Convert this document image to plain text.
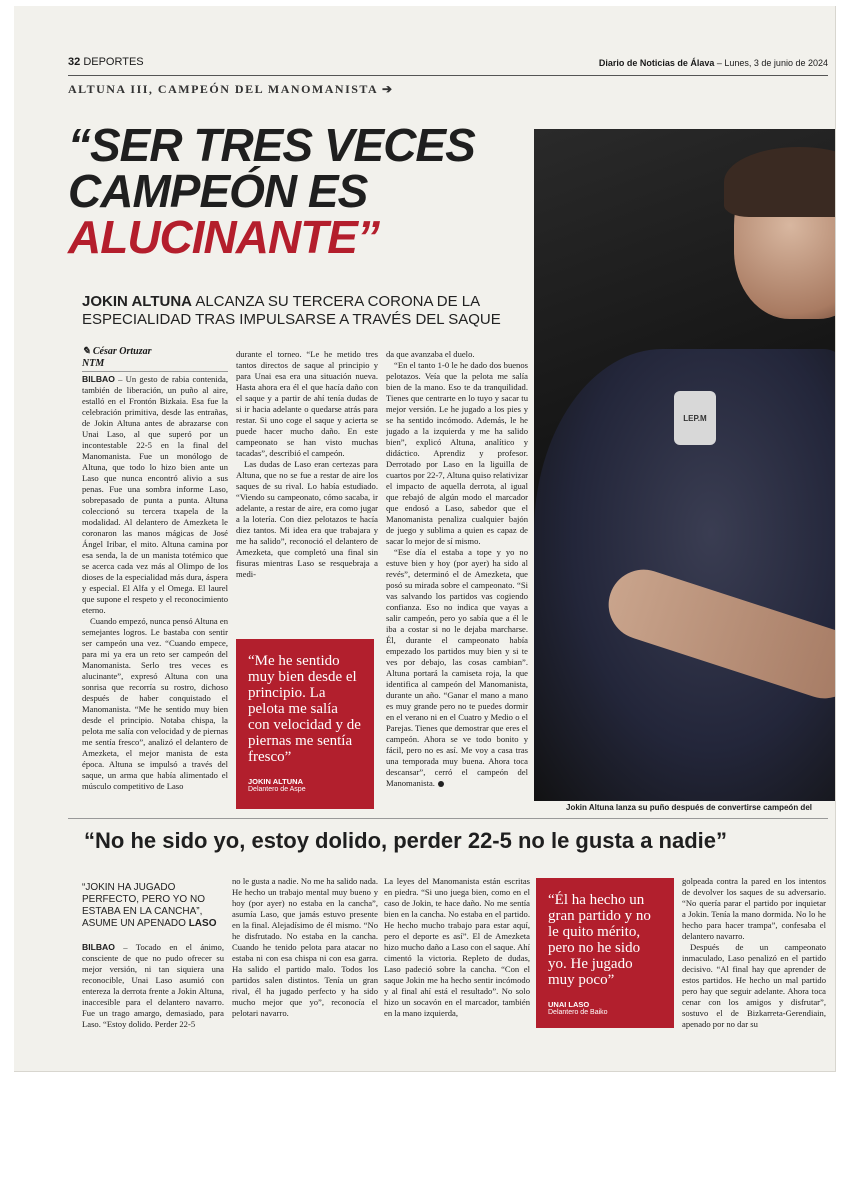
32 DEPORTES	Diario de Noticias de Álava – Lunes, 3 de junio de 2024
ALTUNA III, CAMPEÓN DEL MANOMANISTA ➔
“SER TRES VECES
CAMPEÓN ES
ALUCINANTE”
JOKIN ALTUNA ALCANZA SU TERCERA CORONA DE LA ESPECIALIDAD TRAS IMPULSARSE A TRAVÉS DEL SAQUE
LEP.M
Jokin Altuna lanza su puño después de convertirse campeón del
✎ César Ortuzar
NTM

BILBAO – Un gesto de rabia contenida, también de liberación, un puño al aire, estalló en el Frontón Bizkaia. Esa fue la celebración primitiva, desde las entrañas, de Jokin Altuna antes de abrazarse con Unai Laso, al que superó por un incontestable 22-5 en la final del Manomanista. Fue un monólogo de Altuna, que todo lo hizo bien ante un Laso que nunca encontró alivio a sus penas. Fue una sombra informe Laso, sobrepasado de punta a punta. Altuna coleccionó su tercera txapela de la modalidad. Al delantero de Amezketa le coronaron las manos mágicas de José Ángel Iribar, el mito. Altuna camina por esa senda, la de un manista totémico que se acerca cada vez más al Olimpo de los dioses de la especialidad más dura, áspera y especial. El Alfa y el Omega. El laurel que supone el respeto y el reconocimiento eterno.

Cuando empezó, nunca pensó Altuna en semejantes logros. Le bastaba con sentir ser campeón una vez. “Cuando empece, para mi ya era un reto ser campeón del Manomanista. Serlo tres veces es alucinante”, expresó Altuna con una sonrisa que recorría su rostro, dichoso después de haber conquistado el Manomanista. “Me he sentido muy bien desde el principio. Notaba chispa, la pelota me salía con velocidad y de piernas me sentía fresco”, analizó el delantero de Amezketa, el mejor manista de esta época. Altuna se impulsó a través del saque, un arma que había alimentado el músculo competitivo de Laso

durante el torneo. “Le he metido tres tantos directos de saque al principio y para Unai esa era una situación nueva. Hasta ahora era él el que hacía daño con el saque y a partir de ahí tenía dudas de si ir hacia adelante o quedarse atrás para restar. Si uno coge el saque y acierta se puede hacer mucho daño. En este campeonato se han visto muchas tacadas”, describió el campeón.

Las dudas de Laso eran certezas para Altuna, que no se fue a restar de aire los saques de su rival. Lo había estudiado. “Viendo su campeonato, cómo sacaba, ir adelante, a restar de aire, era como jugar a la lotería. Con diez pelotazos te hacía diez tantos. Mi idea era que trabajara y me ha salido”, reconoció el delantero de Amezketa, que completó una final sin fisuras mientras Laso se resquebraja a medi-

“Me he sentido muy bien desde el principio. La pelota me salía con velocidad y de piernas me sentía fresco”
JOKIN ALTUNA
Delantero de Aspe

da que avanzaba el duelo.

“En el tanto 1-0 le he dado dos buenos pelotazos. Veía que la pelota me salía bien de la mano. Eso te da tranquilidad. Tienes que centrarte en lo tuyo y sacar tu mejor versión. Le he jugado a los pies y se ha sentido incómodo. Además, le he jugado a la izquierda y me ha salido bien”, explicó Altuna, analítico y didáctico. Aprendiz y profesor. Derrotado por Laso en la liguilla de cuartos por 22-7, Altuna quiso relativizar el impacto de aquella derrota, al igual que rebajó de algún modo el marcador que endosó a Laso, sabedor que el Manomanista penaliza cualquier bajón de juego y sublima a quien es capaz de sacar lo mejor de sí mismo.

“Ese día el estaba a tope y yo no estuve bien y hoy (por ayer) ha sido al revés”, determinó el de Amezketa, que posó su mirada sobre el campeonato. “Si vas salvando los partidos vas cogiendo confianza. Eso no indica que vayas a salir campeón, pero yo sabía que a él le iba a costar si no le dejaba marcharse. Él, durante el campeonato había empezado los partidos muy bien y si te ves por debajo, las cosas cambian”. Altuna portará la camiseta roja, la que identifica al campeón del Manomanista, durante un año. “Ganar el mano a mano es muy grande pero no te puedes dormir en el verano ni en el Cuatro y Medio o el Parejas. Tienes que demostrar que eres el campeón. Ahora se ve todo bonito y fácil, pero no es así. Me voy a casa tras una temporada muy buena. Ahora toca descansar”, cerró el campeón del Manomanista.

“No he sido yo, estoy dolido, perder 22-5 no le gusta a nadie”
“JOKIN HA JUGADO PERFECTO, PERO YO NO ESTABA EN LA CANCHA”, ASUME UN APENADO LASO

BILBAO – Tocado en el ánimo, consciente de que no pudo ofrecer su mejor versión, ni tan siquiera una reconocible, Unai Laso asumió con entereza la derrota frente a Jokin Altuna, inaccesible para el delantero navarro. Fue un trago amargo, demasiado, para Laso. “Estoy dolido. Perder 22-5

no le gusta a nadie. No me ha salido nada. He hecho un trabajo mental muy bueno y hoy (por ayer) no estaba en la cancha”, asumía Laso, que jamás estuvo presente en la final. Alejadísimo de él mismo. “No he disfrutado. No estaba en la cancha. Cuando he tenido pelota para atacar no estaba ni con esa chispa ni con esa garra. Ha salido el partido malo. Todos los partidos salen distintos. Tenía un gran rival, él ha jugado perfecto y ha sido mucho mejor que yo”, reconocía el pelotari navarro.

La leyes del Manomanista están escritas en piedra. “Si uno juega bien, como en el caso de Jokin, te hace daño. No me sentía bien en la cancha. No estaba en el partido. He hecho mucho trabajo para estar aquí, pero el deporte es así”. El de Amezketa hizo mucho daño a Laso con el saque. Ahí cimentó la victoria. Repleto de dudas, Laso padeció sobre la cancha. “Con el saque Jokin me ha hecho sentir incómodo y al final ahí está el resultado”. No solo hizo un socavón en el marcador, también en la mano izquierda,

“Él ha hecho un gran partido y no le quito mérito, pero no he sido yo. He jugado muy poco”
UNAI LASO
Delantero de Baiko

golpeada contra la pared en los intentos de devolver los saques de su adversario. “No quería parar el partido por inquietar a Jokin. Tenía la mano dormida. No lo he hecho para hacer trampa”, confesaba el delantero navarro.

Después de un campeonato inmaculado, Laso penalizó en el partido decisivo. “Al final hay que aprender de estos partidos. He hecho un mal partido pero hay que seguir adelante. Ahora toca cenar con los amigos y disfrutar”, sostuvo el de Bizkarreta-Gerendiain, apenado por no dar su
